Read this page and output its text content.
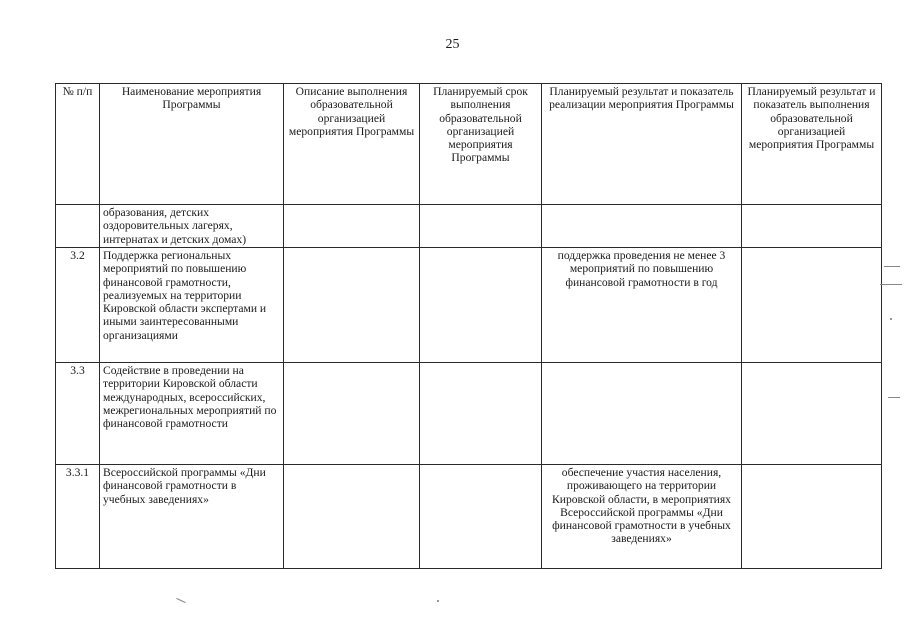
25
№ п/п	Наименование мероприятия Программы	Описание выполнения образовательной организацией мероприятия Программы	Планируемый срок выполнения образовательной организацией мероприятия Программы	Планируемый результат и показатель реализации мероприятия Программы	Планируемый результат и показатель выполнения образовательной организацией мероприятия Программы
	образования, детских оздоровительных лагерях, интернатах и детских домах)				
3.2	Поддержка региональных мероприятий по повышению финансовой грамотности, реализуемых на территории Кировской области экспертами и иными заинтересованными организациями			поддержка проведения не менее 3 мероприятий по повышению финансовой грамотности в год	
3.3	Содействие в проведении на территории Кировской области международных, всероссийских, межрегиональных мероприятий по финансовой грамотности				
3.3.1	Всероссийской программы «Дни финансовой грамотности в учебных заведениях»			обеспечение участия населения, проживающего на территории Кировской области, в мероприятиях Всероссийской программы «Дни финансовой грамотности в учебных заведениях»	
